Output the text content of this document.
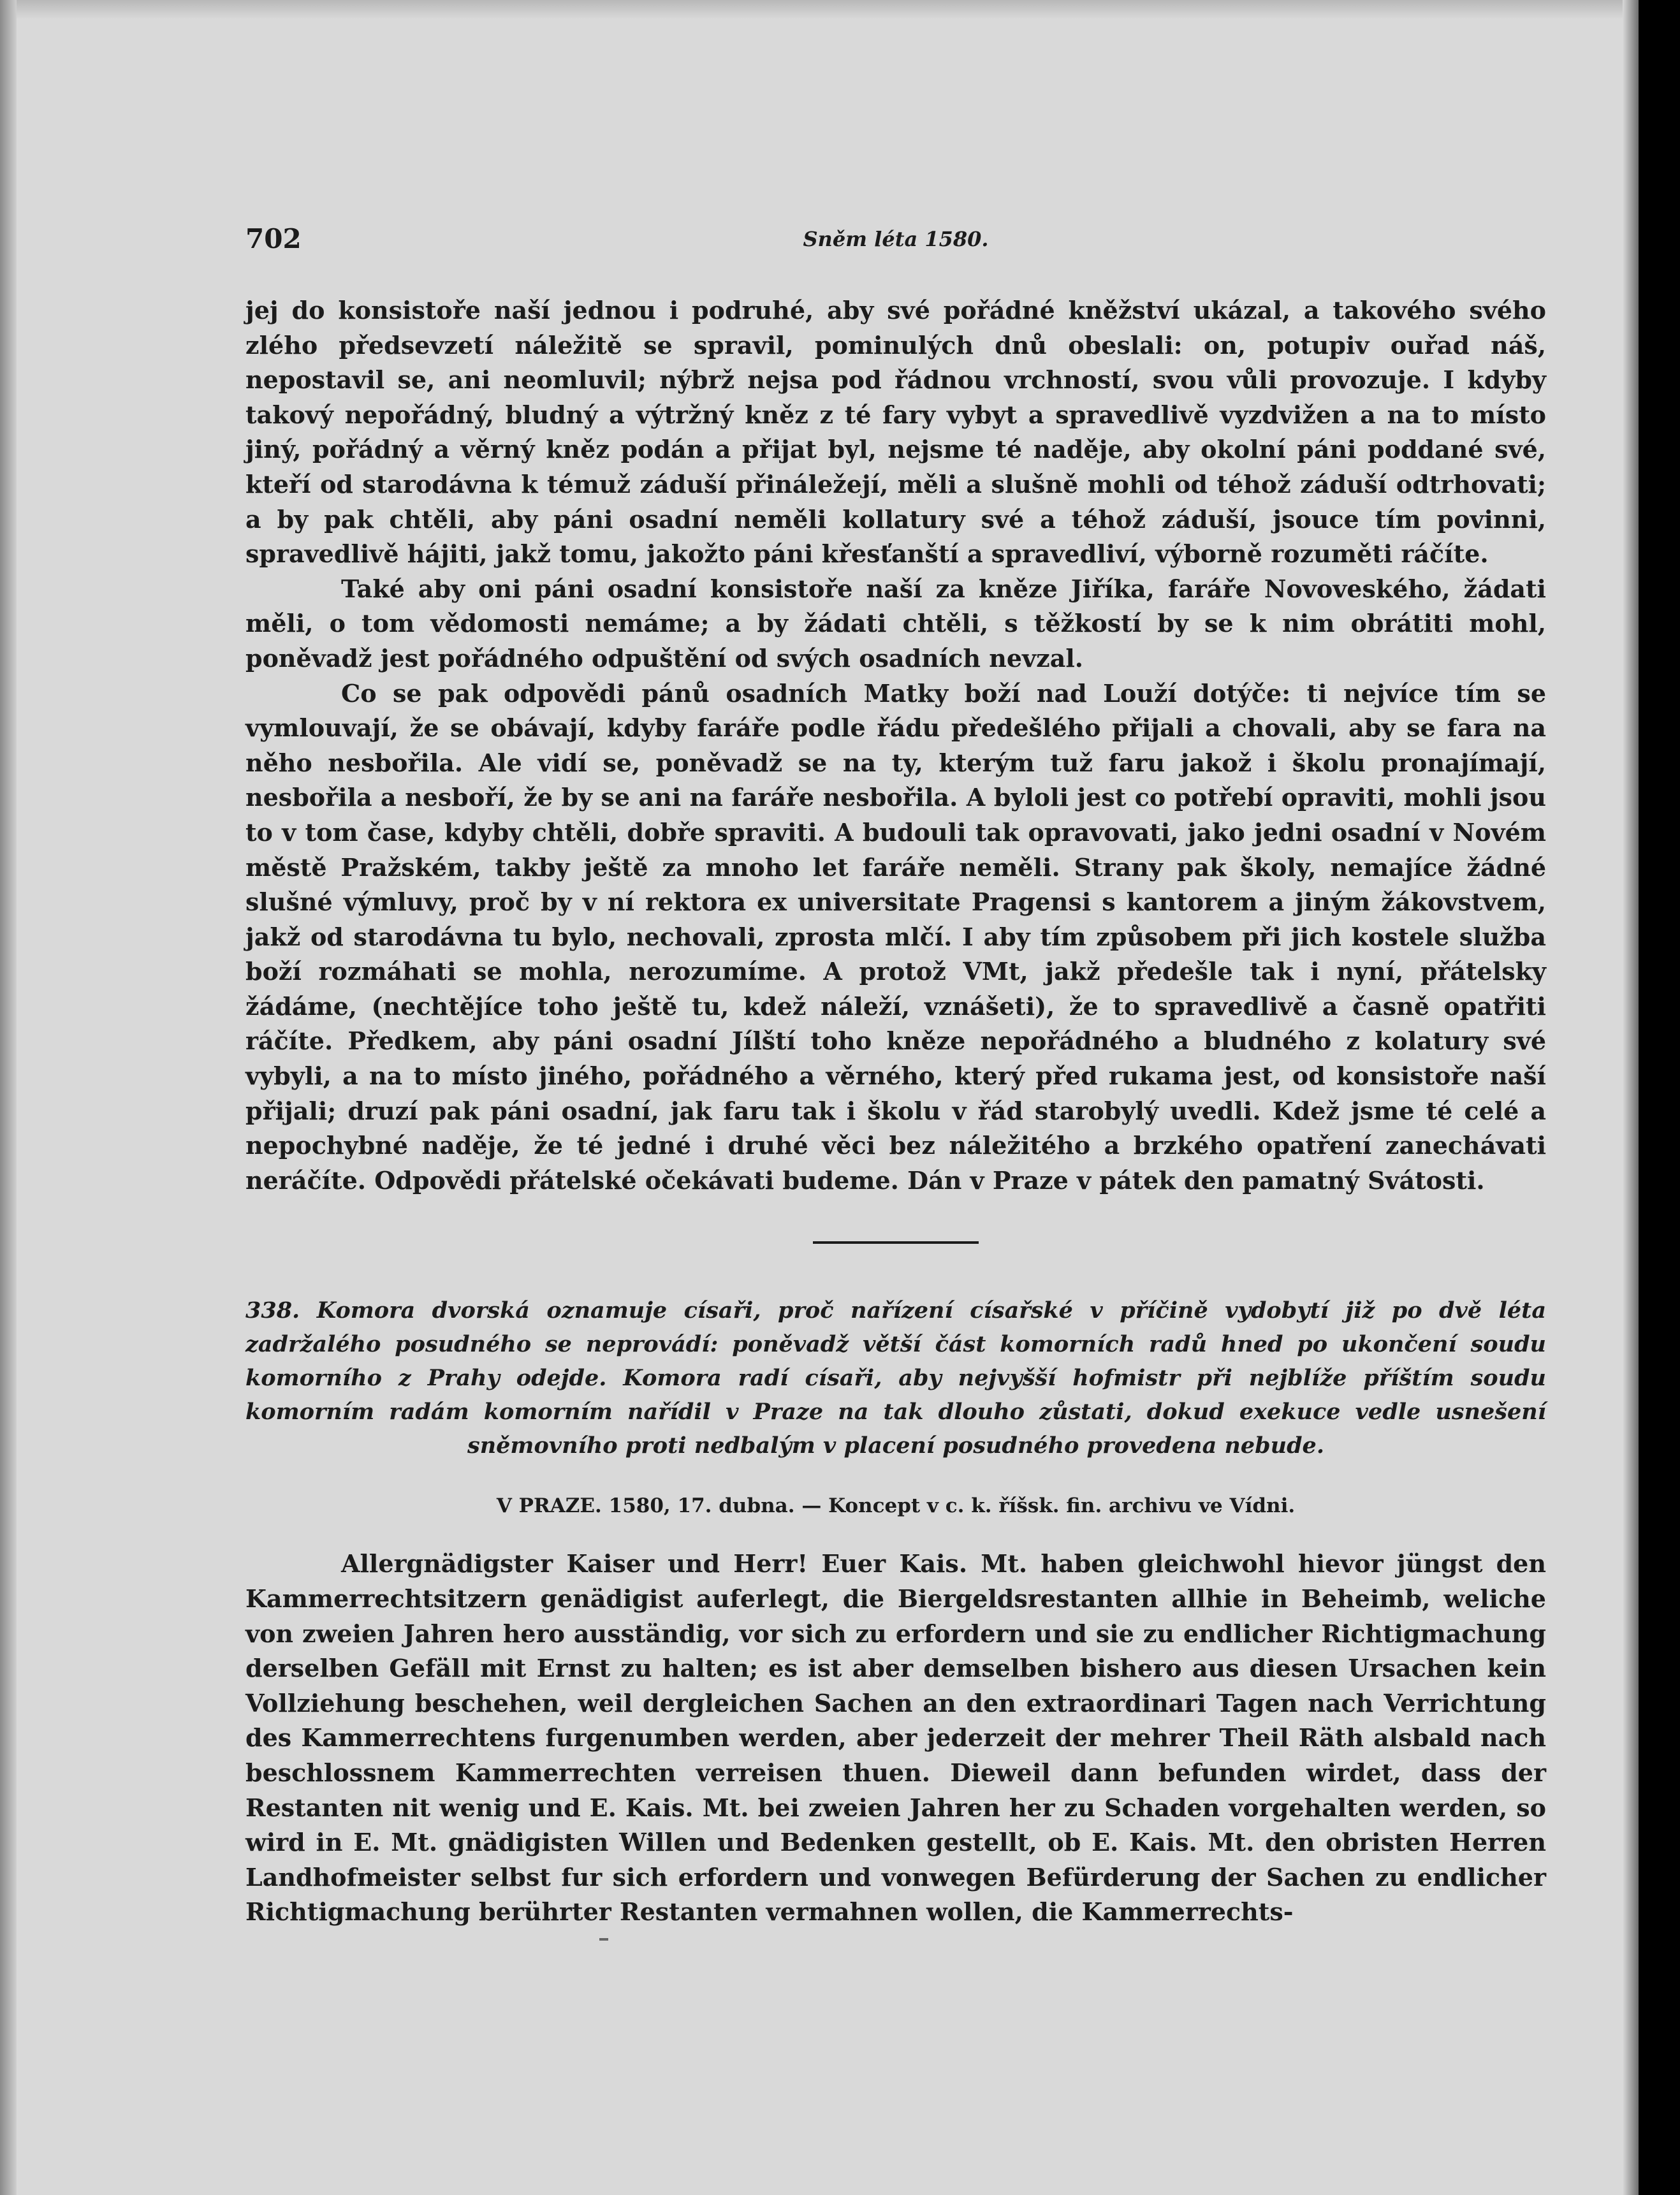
702	Sněm léta 1580.

jej do konsistoře naší jednou i podruhé, aby své pořádné kněžství ukázal, a takového svého zlého předsevzetí náležitě se spravil, pominulých dnů obeslali: on, potupiv ouřad náš, nepostavil se, ani neomluvil; nýbrž nejsa pod řádnou vrchností, svou vůli provozuje. I kdyby takový nepořádný, bludný a výtržný kněz z té fary vybyt a spravedlivě vyzdvižen a na to místo jiný, pořádný a věrný kněz podán a přijat byl, nejsme té naděje, aby okolní páni poddané své, kteří od starodávna k témuž záduší přináležejí, měli a slušně mohli od téhož záduší odtrhovati; a by pak chtěli, aby páni osadní neměli kollatury své a téhož záduší, jsouce tím povinni, spravedlivě hájiti, jakž tomu, jakožto páni křesťanští a spravedliví, výborně rozuměti ráčíte.

Také aby oni páni osadní konsistoře naší za kněze Jiříka, faráře Novoveského, žádati měli, o tom vědomosti nemáme; a by žádati chtěli, s těžkostí by se k nim obrátiti mohl, poněvadž jest pořádného odpuštění od svých osadních nevzal.

Co se pak odpovědi pánů osadních Matky boží nad Louží dotýče: ti nejvíce tím se vymlouvají, že se obávají, kdyby faráře podle řádu předešlého přijali a chovali, aby se fara na něho nesbořila. Ale vidí se, poněvadž se na ty, kterým tuž faru jakož i školu pronajímají, nesbořila a nesboří, že by se ani na faráře nesbořila. A byloli jest co potřebí opraviti, mohli jsou to v tom čase, kdyby chtěli, dobře spraviti. A budouli tak opravovati, jako jedni osadní v Novém městě Pražském, takby ještě za mnoho let faráře neměli. Strany pak školy, nemajíce žádné slušné výmluvy, proč by v ní rektora ex universitate Pragensi s kantorem a jiným žákovstvem, jakž od starodávna tu bylo, nechovali, zprosta mlčí. I aby tím způsobem při jich kostele služba boží rozmáhati se mohla, nerozumíme. A protož VMt, jakž předešle tak i nyní, přátelsky žádáme, (nechtějíce toho ještě tu, kdež náleží, vznášeti), že to spravedlivě a časně opatřiti ráčíte. Předkem, aby páni osadní Jílští toho kněze nepořádného a bludného z kolatury své vybyli, a na to místo jiného, pořádného a věrného, který před rukama jest, od konsistoře naší přijali; druzí pak páni osadní, jak faru tak i školu v řád starobylý uvedli. Kdež jsme té celé a nepochybné naděje, že té jedné i druhé věci bez náležitého a brzkého opatření zanechávati neráčíte. Odpovědi přátelské očekávati budeme. Dán v Praze v pátek den pamatný Svátosti.

338. Komora dvorská oznamuje císaři, proč nařízení císařské v příčině vydobytí již po dvě léta zadržalého posudného se neprovádí: poněvadž větší část komorních radů hned po ukončení soudu komorního z Prahy odejde. Komora radí císaři, aby nejvyšší hofmistr při nejblíže příštím soudu komorním radám komorním nařídil v Praze na tak dlouho zůstati, dokud exekuce vedle usnešení sněmovního proti nedbalým v placení posudného provedena nebude.

V PRAZE. 1580, 17. dubna. — Koncept v c. k. říšsk. fin. archivu ve Vídni.

Allergnädigster Kaiser und Herr! Euer Kais. Mt. haben gleichwohl hievor jüngst den Kammerrechtsitzern genädigist auferlegt, die Biergeldsrestanten allhie in Beheimb, weliche von zweien Jahren hero ausständig, vor sich zu erfordern und sie zu endlicher Richtigmachung derselben Gefäll mit Ernst zu halten; es ist aber demselben bishero aus diesen Ursachen kein Vollziehung beschehen, weil dergleichen Sachen an den extraordinari Tagen nach Verrichtung des Kammerrechtens furgenumben werden, aber jederzeit der mehrer Theil Räth alsbald nach beschlossnem Kammerrechten verreisen thuen. Dieweil dann befunden wirdet, dass der Restanten nit wenig und E. Kais. Mt. bei zweien Jahren her zu Schaden vorgehalten werden, so wird in E. Mt. gnädigisten Willen und Bedenken gestellt, ob E. Kais. Mt. den obristen Herren Landhofmeister selbst fur sich erfordern und vonwegen Befürderung der Sachen zu endlicher Richtigmachung berührter Restanten vermahnen wollen, die Kammerrechts-
